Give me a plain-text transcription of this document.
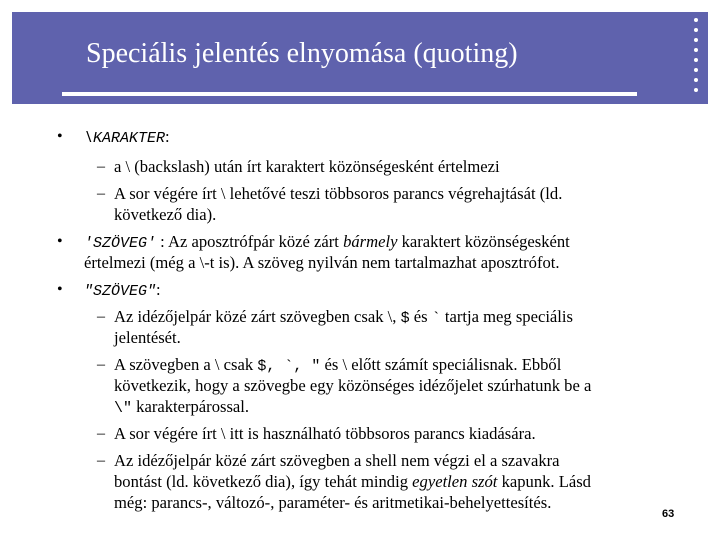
Speciális jelentés elnyomása (quoting)
• \KARAKTER:
– a \ (backslash) után írt karaktert közönségesként értelmezi
– A sor végére írt \ lehetővé teszi többsoros parancs végrehajtását (ld.
következő dia).
• 'SZÖVEG' : Az aposztrófpár közé zárt bármely karaktert közönségesként
értelmezi (még a \-t is). A szöveg nyilván nem tartalmazhat aposztrófot.
• "SZÖVEG":
– Az idézőjelpár közé zárt szövegben csak \, $ és ` tartja meg speciális
jelentését.
– A szövegben a \ csak $, `, " és \ előtt számít speciálisnak. Ebből
következik, hogy a szövegbe egy közönséges idézőjelet szúrhatunk be a
\" karakterpárossal.
– A sor végére írt \ itt is használható többsoros parancs kiadására.
– Az idézőjelpár közé zárt szövegben a shell nem végzi el a szavakra
bontást (ld. következő dia), így tehát mindig egyetlen szót kapunk. Lásd
még: parancs-, változó-, paraméter- és aritmetikai-behelyettesítés.
63
